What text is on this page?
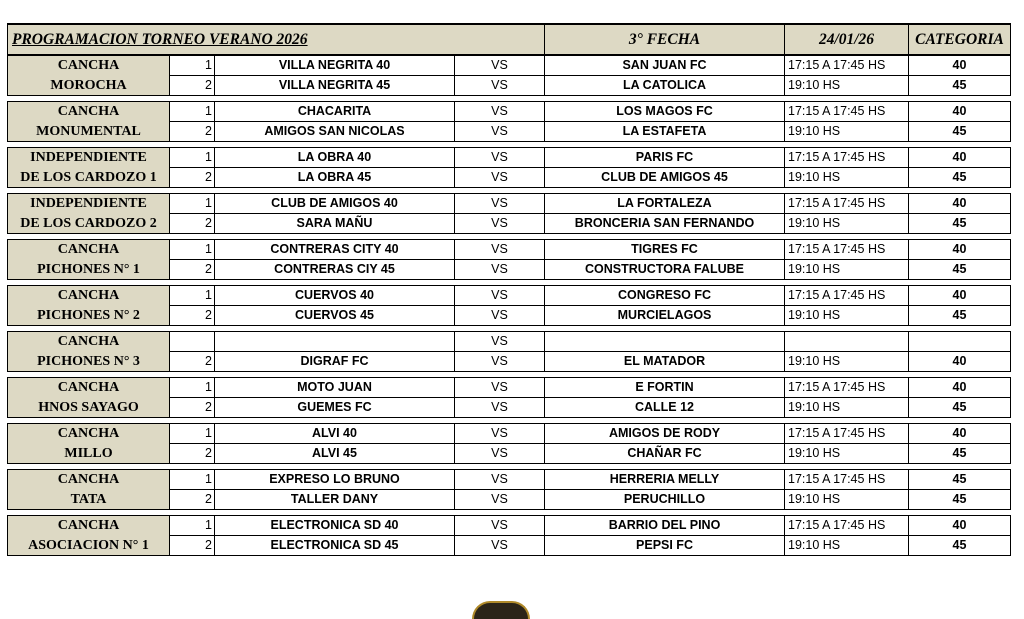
PROGRAMACION TORNEO VERANO 2026				3° FECHA	24/01/26	CATEGORIA
CANCHA	1	VILLA NEGRITA 40	VS	SAN JUAN FC	17:15 A 17:45 HS	40
MOROCHA	2	VILLA NEGRITA 45	VS	LA CATOLICA	19:10 HS	45

CANCHA	1	CHACARITA	VS	LOS MAGOS FC	17:15 A 17:45 HS	40
MONUMENTAL	2	AMIGOS SAN NICOLAS	VS	LA ESTAFETA	19:10 HS	45

INDEPENDIENTE	1	LA OBRA 40	VS	PARIS FC	17:15 A 17:45 HS	40
DE LOS CARDOZO 1	2	LA OBRA 45	VS	CLUB DE AMIGOS 45	19:10 HS	45

INDEPENDIENTE	1	CLUB DE AMIGOS 40	VS	LA FORTALEZA	17:15 A 17:45 HS	40
DE LOS CARDOZO 2	2	SARA MAÑU	VS	BRONCERIA SAN FERNANDO	19:10 HS	45

CANCHA	1	CONTRERAS CITY 40	VS	TIGRES FC	17:15 A 17:45 HS	40
PICHONES N° 1	2	CONTRERAS CIY 45	VS	CONSTRUCTORA FALUBE	19:10 HS	45

CANCHA	1	CUERVOS 40	VS	CONGRESO FC	17:15 A 17:45 HS	40
PICHONES N° 2	2	CUERVOS 45	VS	MURCIELAGOS	19:10 HS	45

CANCHA			VS			
PICHONES N° 3	2	DIGRAF FC	VS	EL MATADOR	19:10 HS	40

CANCHA	1	MOTO JUAN	VS	E FORTIN	17:15 A 17:45 HS	40
HNOS SAYAGO	2	GUEMES FC	VS	CALLE 12	19:10 HS	45

CANCHA	1	ALVI 40	VS	AMIGOS DE RODY	17:15 A 17:45 HS	40
MILLO	2	ALVI 45	VS	CHAÑAR FC	19:10 HS	45

CANCHA	1	EXPRESO LO BRUNO	VS	HERRERIA MELLY	17:15 A 17:45 HS	45
TATA	2	TALLER DANY	VS	PERUCHILLO	19:10 HS	45

CANCHA	1	ELECTRONICA SD 40	VS	BARRIO DEL PINO	17:15 A 17:45 HS	40
ASOCIACION N° 1	2	ELECTRONICA SD 45	VS	PEPSI FC	19:10 HS	45
